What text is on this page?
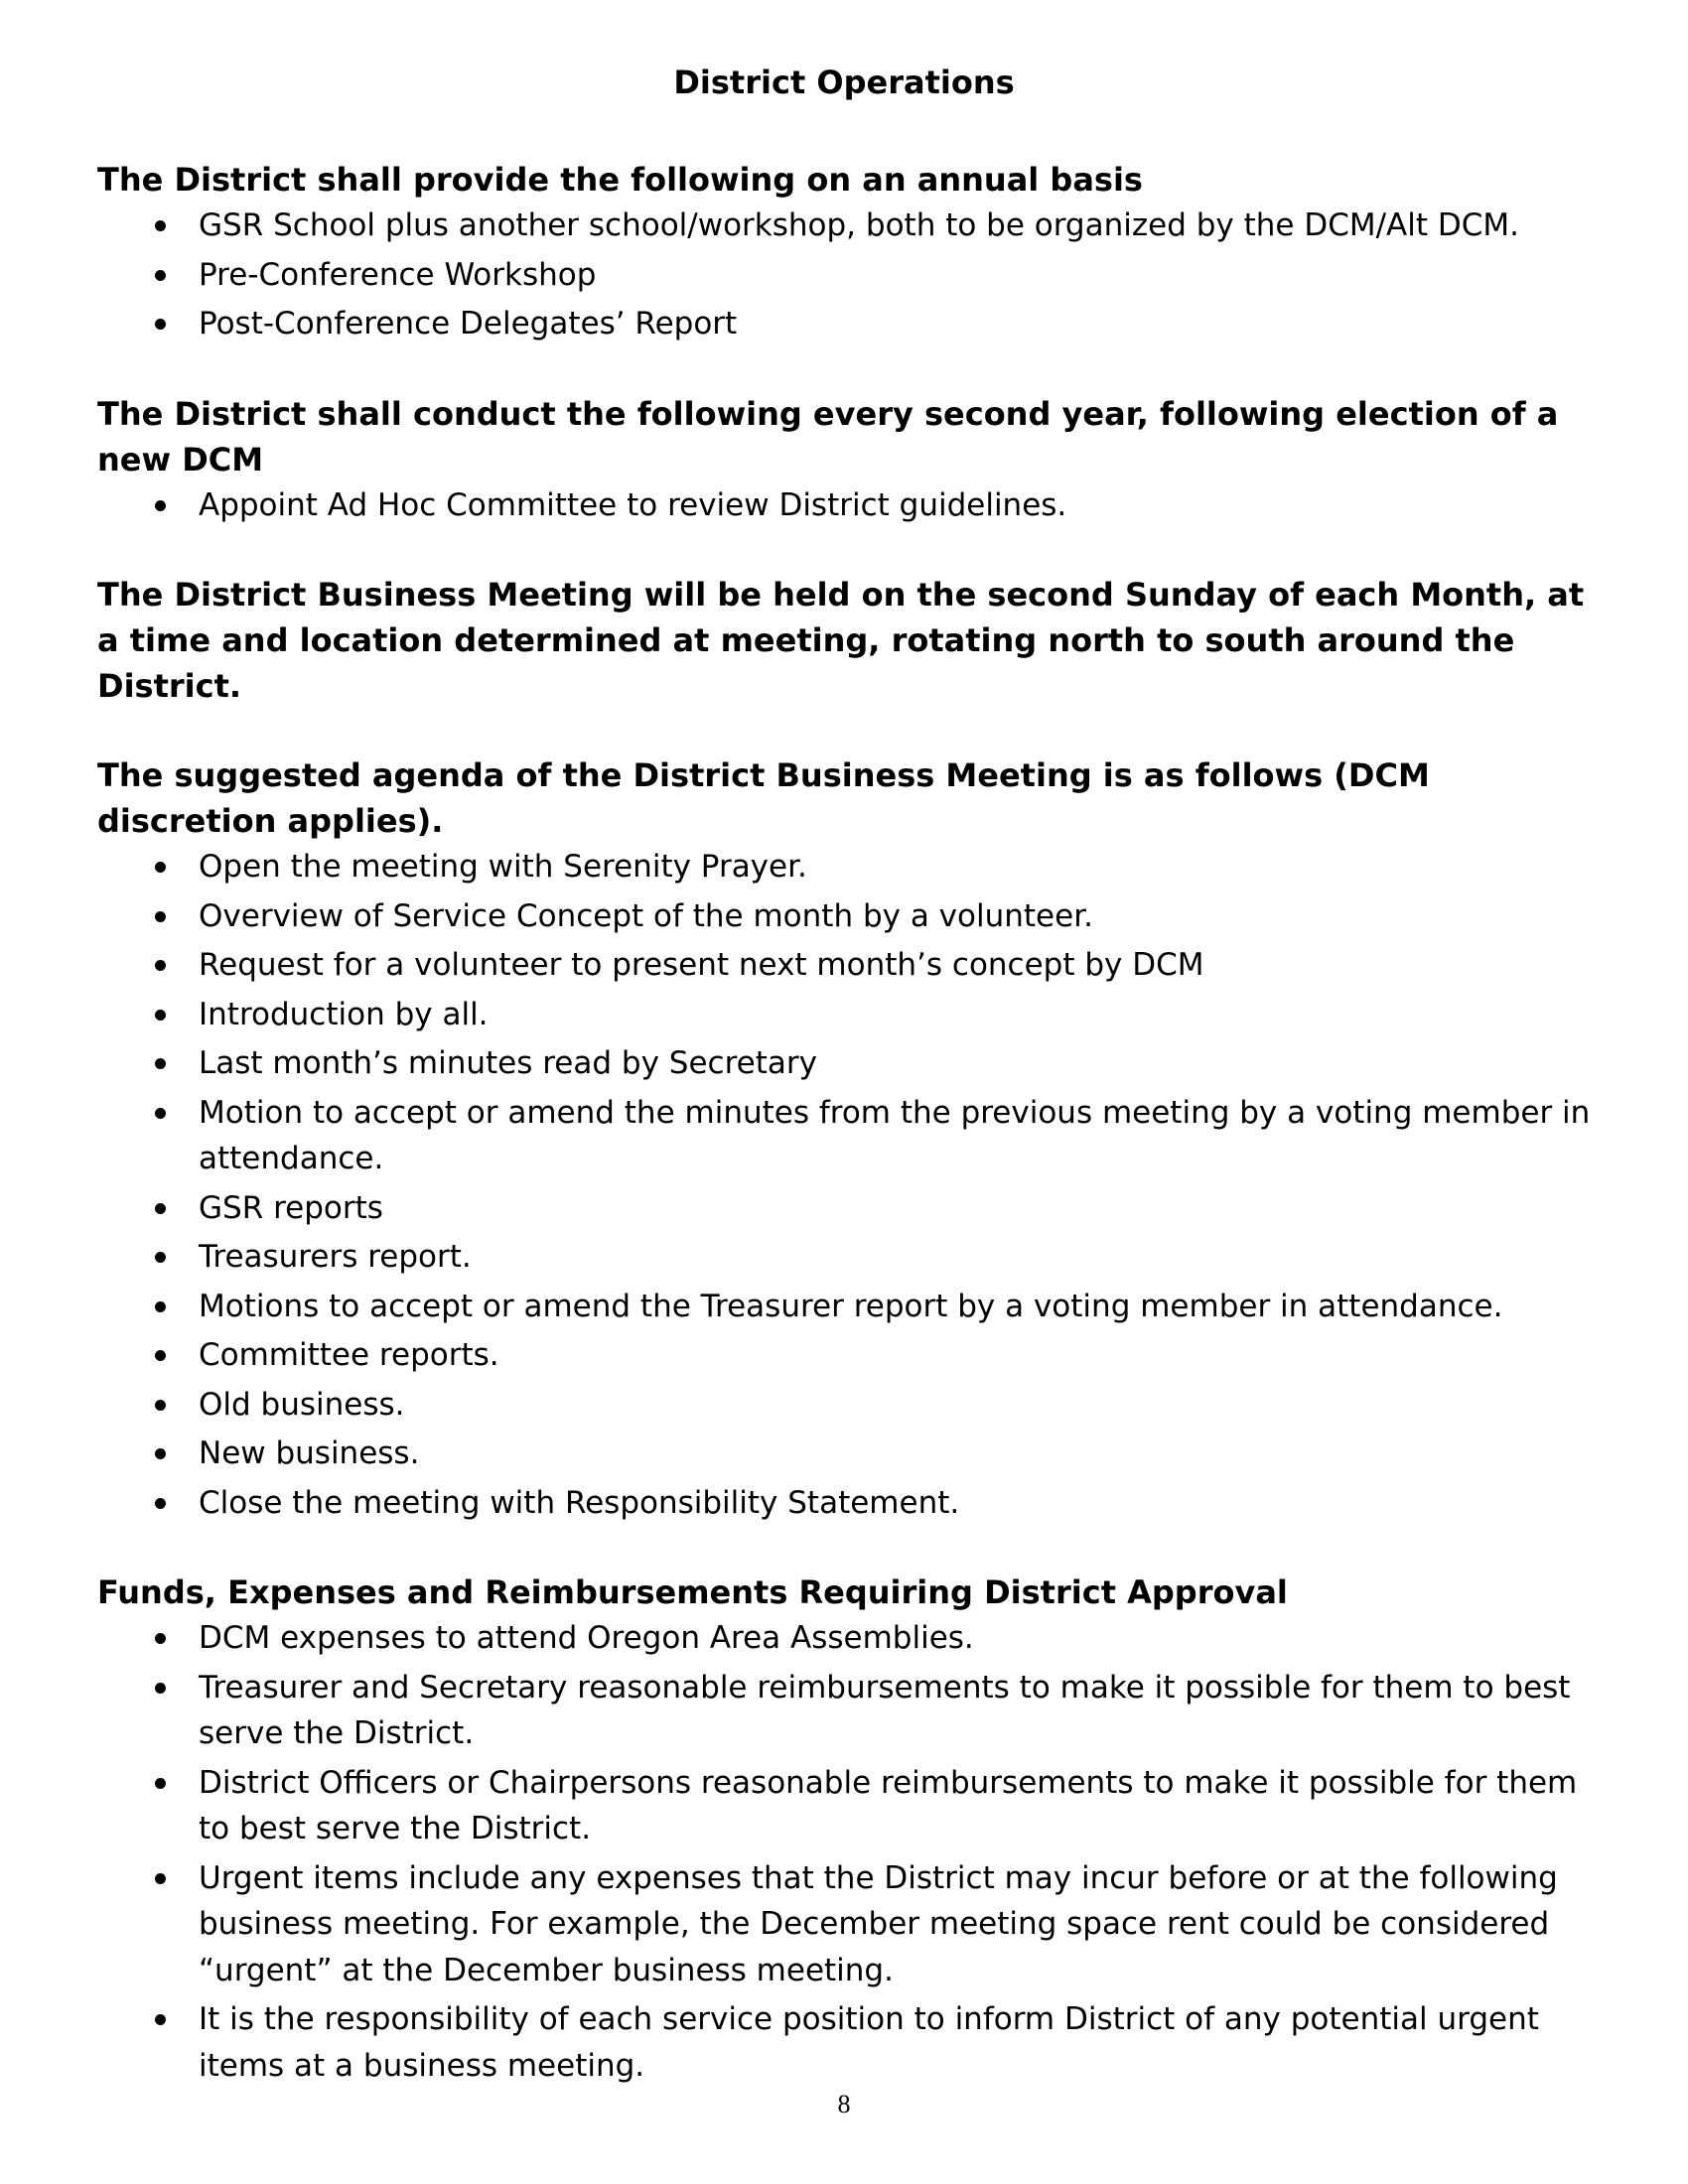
District Operations
The District shall provide the following on an annual basis
GSR School plus another school/workshop, both to be organized by the DCM/Alt DCM.
Pre-Conference Workshop
Post-Conference Delegates’ Report
The District shall conduct the following every second year, following election of a new DCM
Appoint Ad Hoc Committee to review District guidelines.
The District Business Meeting will be held on the second Sunday of each Month, at a time and location determined at meeting, rotating north to south around the District.
The suggested agenda of the District Business Meeting is as follows (DCM discretion applies).
Open the meeting with Serenity Prayer.
Overview of Service Concept of the month by a volunteer.
Request for a volunteer to present next month’s concept by DCM
Introduction by all.
Last month’s minutes read by Secretary
Motion to accept or amend the minutes from the previous meeting by a voting member in attendance.
GSR reports
Treasurers report.
Motions to accept or amend the Treasurer report by a voting member in attendance.
Committee reports.
Old business.
New business.
Close the meeting with Responsibility Statement.
Funds, Expenses and Reimbursements Requiring District Approval
DCM expenses to attend Oregon Area Assemblies.
Treasurer and Secretary reasonable reimbursements to make it possible for them to best serve the District.
District Officers or Chairpersons reasonable reimbursements to make it possible for them to best serve the District.
Urgent items include any expenses that the District may incur before or at the following business meeting. For example, the December meeting space rent could be considered “urgent” at the December business meeting.
It is the responsibility of each service position to inform District of any potential urgent items at a business meeting.
8
